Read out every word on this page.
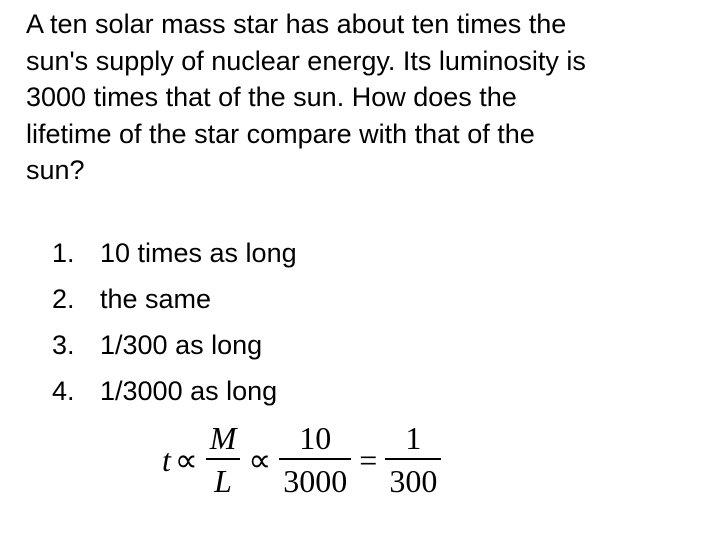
A ten solar mass star has about ten times the
sun's supply of nuclear energy. Its luminosity is
3000 times that of the sun. How does the
lifetime of the star compare with that of the
sun?
1. 10 times as long
2. the same
3. 1/300 as long
4. 1/3000 as long
$t \propto \frac{M}{L} \propto \frac{10}{3000} = \frac{1}{300}$
